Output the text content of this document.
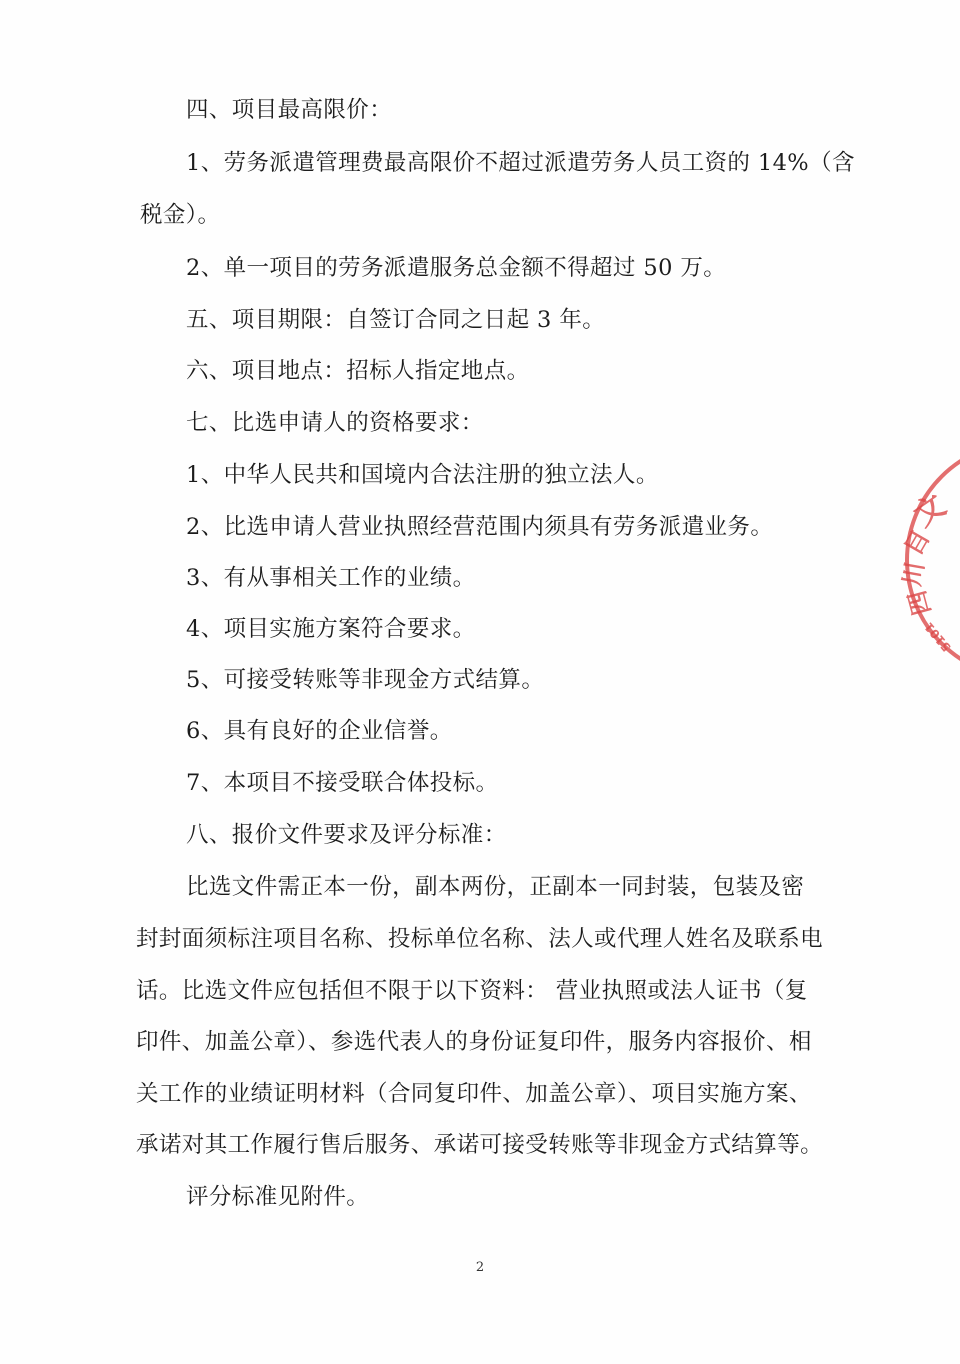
四、项目最高限价：
1、劳务派遣管理费最高限价不超过派遣劳务人员工资的 14%（含
税金）。
2、单一项目的劳务派遣服务总金额不得超过 50 万。
五、项目期限：自签订合同之日起 3 年。
六、项目地点：招标人指定地点。
七、比选申请人的资格要求：
1、中华人民共和国境内合法注册的独立法人。
2、比选申请人营业执照经营范围内须具有劳务派遣业务。
3、有从事相关工作的业绩。
4、项目实施方案符合要求。
5、可接受转账等非现金方式结算。
6、具有良好的企业信誉。
7、本项目不接受联合体投标。
八、报价文件要求及评分标准：
比选文件需正本一份，副本两份，正副本一同封装，包装及密
封封面须标注项目名称、投标单位名称、法人或代理人姓名及联系电
话。比选文件应包括但不限于以下资料： 营业执照或法人证书（复
印件、加盖公章）、参选代表人的身份证复印件，服务内容报价、相
关工作的业绩证明材料（合同复印件、加盖公章）、项目实施方案、
承诺对其工作履行售后服务、承诺可接受转账等非现金方式结算等。
评分标准见附件。
2
文
目
川
四
5101
